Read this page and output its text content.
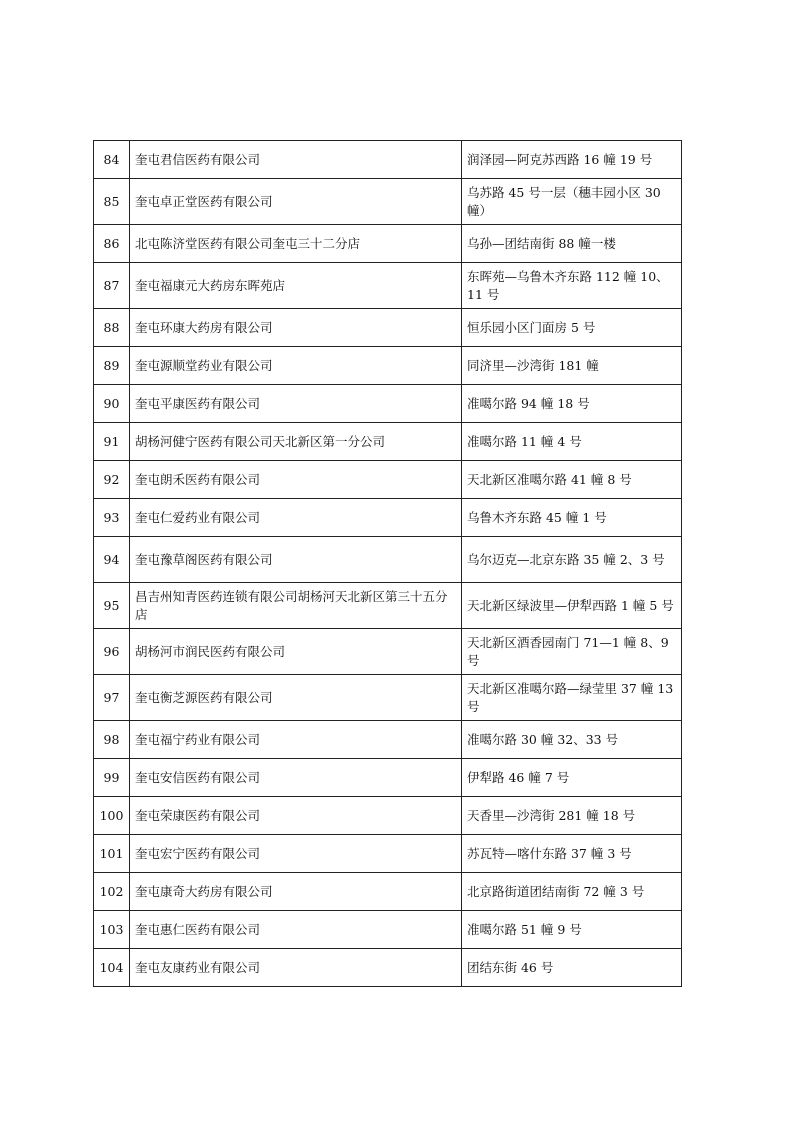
84	奎屯君信医药有限公司	润泽园—阿克苏西路 16 幢 19 号
85	奎屯卓正堂医药有限公司	乌苏路 45 号一层（穗丰园小区 30 幢）
86	北屯陈济堂医药有限公司奎屯三十二分店	乌孙—团结南街 88 幢一楼
87	奎屯福康元大药房东晖苑店	东晖苑—乌鲁木齐东路 112 幢 10、11 号
88	奎屯环康大药房有限公司	恒乐园小区门面房 5 号
89	奎屯源顺堂药业有限公司	同济里—沙湾街 181 幢
90	奎屯平康医药有限公司	准噶尔路 94 幢 18 号
91	胡杨河健宁医药有限公司天北新区第一分公司	准噶尔路 11 幢 4 号
92	奎屯朗禾医药有限公司	天北新区准噶尔路 41 幢 8 号
93	奎屯仁爱药业有限公司	乌鲁木齐东路 45 幢 1 号
94	奎屯豫草阁医药有限公司	乌尔迈克—北京东路 35 幢 2、3 号
95	昌吉州知青医药连锁有限公司胡杨河天北新区第三十五分店	天北新区绿波里—伊犁西路 1 幢 5 号
96	胡杨河市润民医药有限公司	天北新区酒香园南门 71—1 幢 8、9 号
97	奎屯衡芝源医药有限公司	天北新区准噶尔路—绿莹里 37 幢 13 号
98	奎屯福宁药业有限公司	准噶尔路 30 幢 32、33 号
99	奎屯安信医药有限公司	伊犁路 46 幢 7 号
100	奎屯荣康医药有限公司	天香里—沙湾街 281 幢 18 号
101	奎屯宏宁医药有限公司	苏瓦特—喀什东路 37 幢 3 号
102	奎屯康奇大药房有限公司	北京路街道团结南街 72 幢 3 号
103	奎屯惠仁医药有限公司	准噶尔路 51 幢 9 号
104	奎屯友康药业有限公司	团结东街 46 号
